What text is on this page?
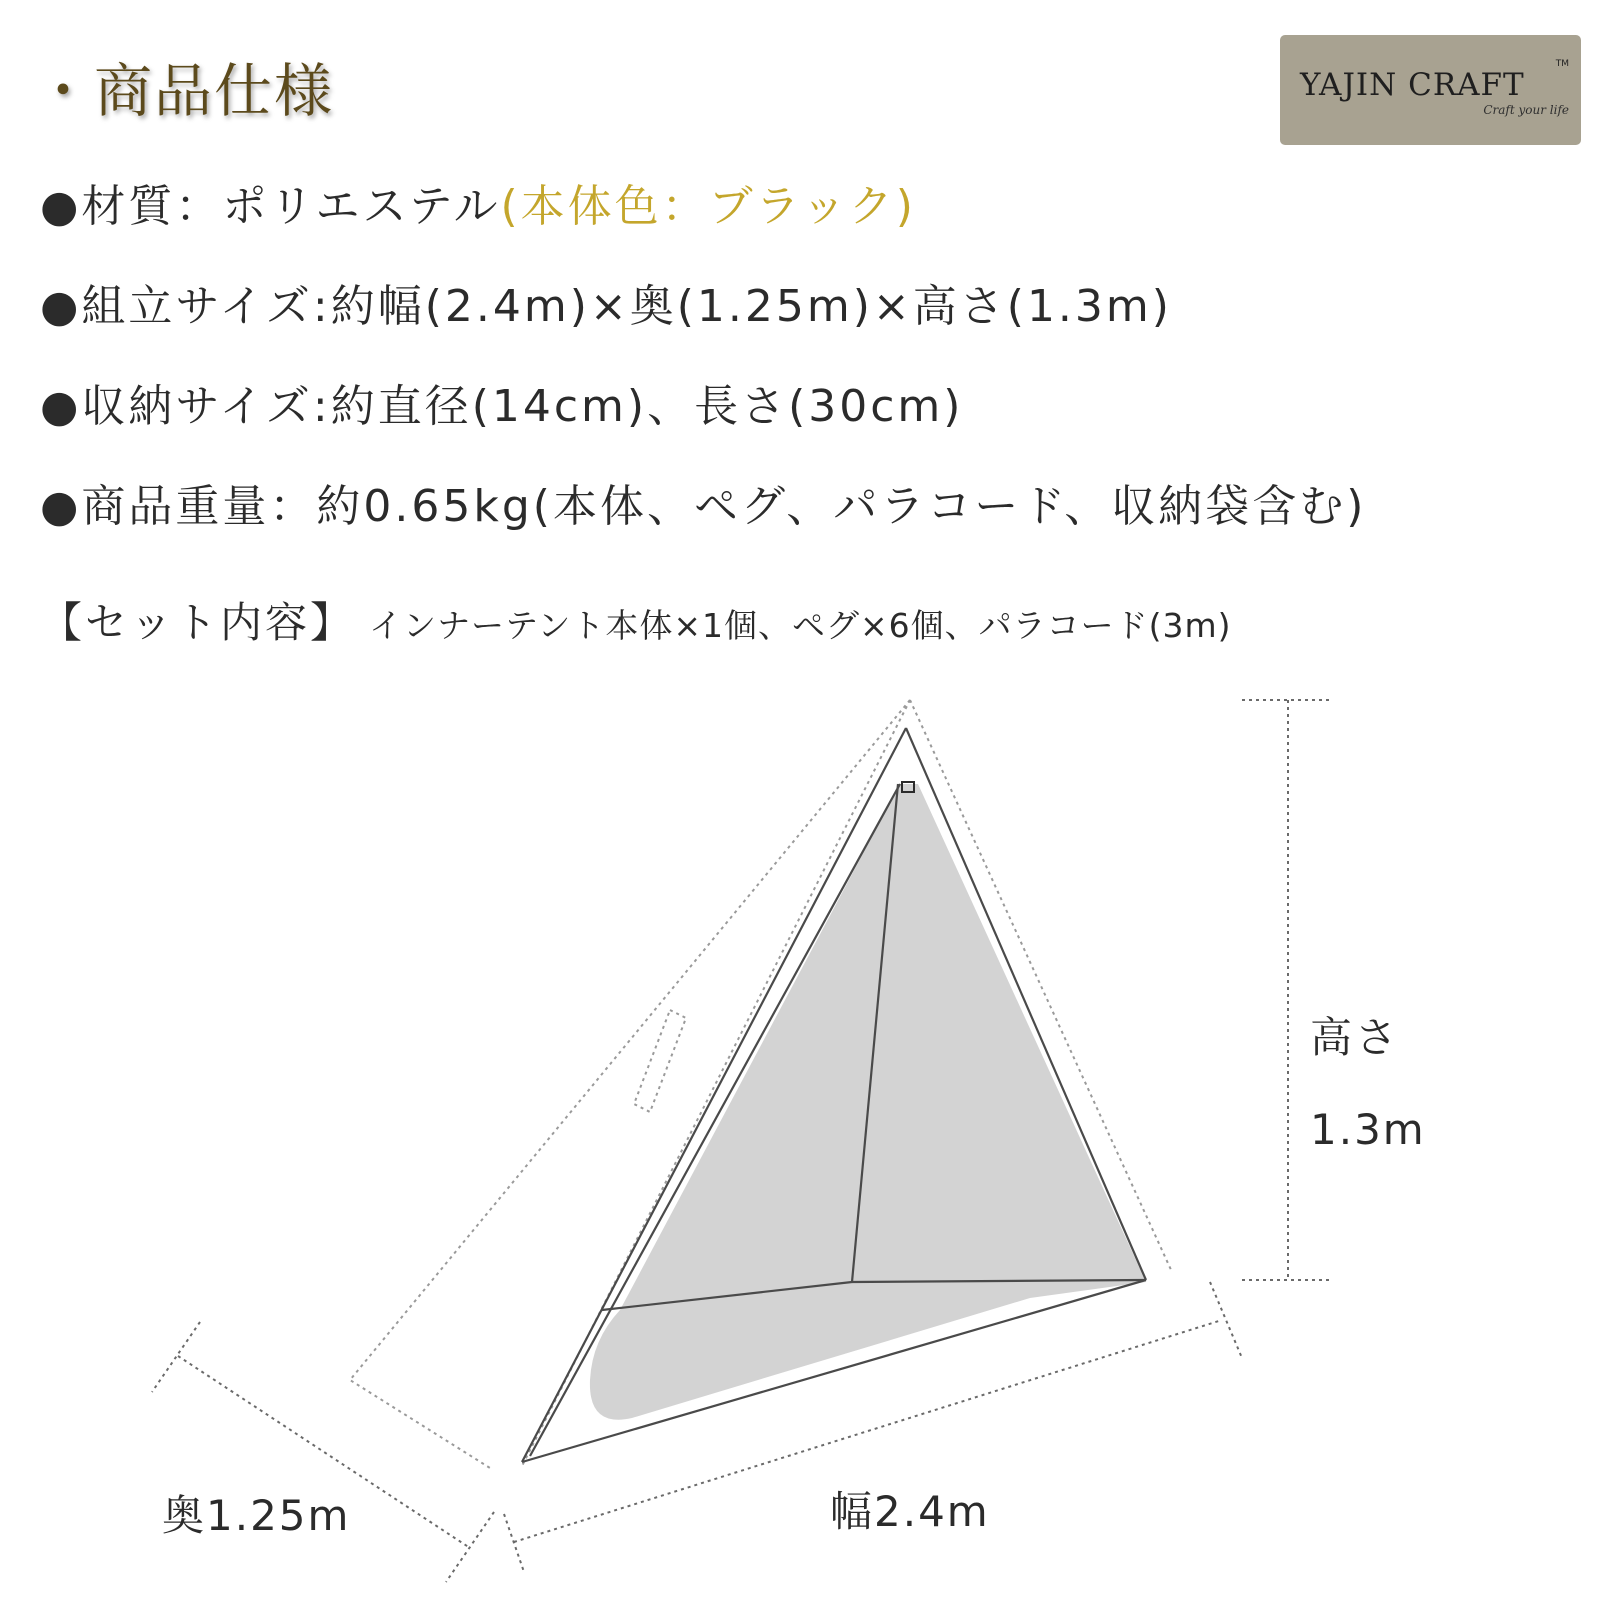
・商品仕様	YAJIN CRAFT
TM
Craft your life
●材質：ポリエステル(本体色：ブラック)
●組立サイズ:約幅(2.4m)×奥(1.25m)×高さ(1.3m)
●収納サイズ:約直径(14cm)、長さ(30cm)
●商品重量：約0.65kg(本体、ペグ、パラコード、収納袋含む)
【セット内容】 インナーテント本体×1個、ペグ×6個、パラコード(3m)
高さ
1.3m
奥1.25m	幅2.4m
